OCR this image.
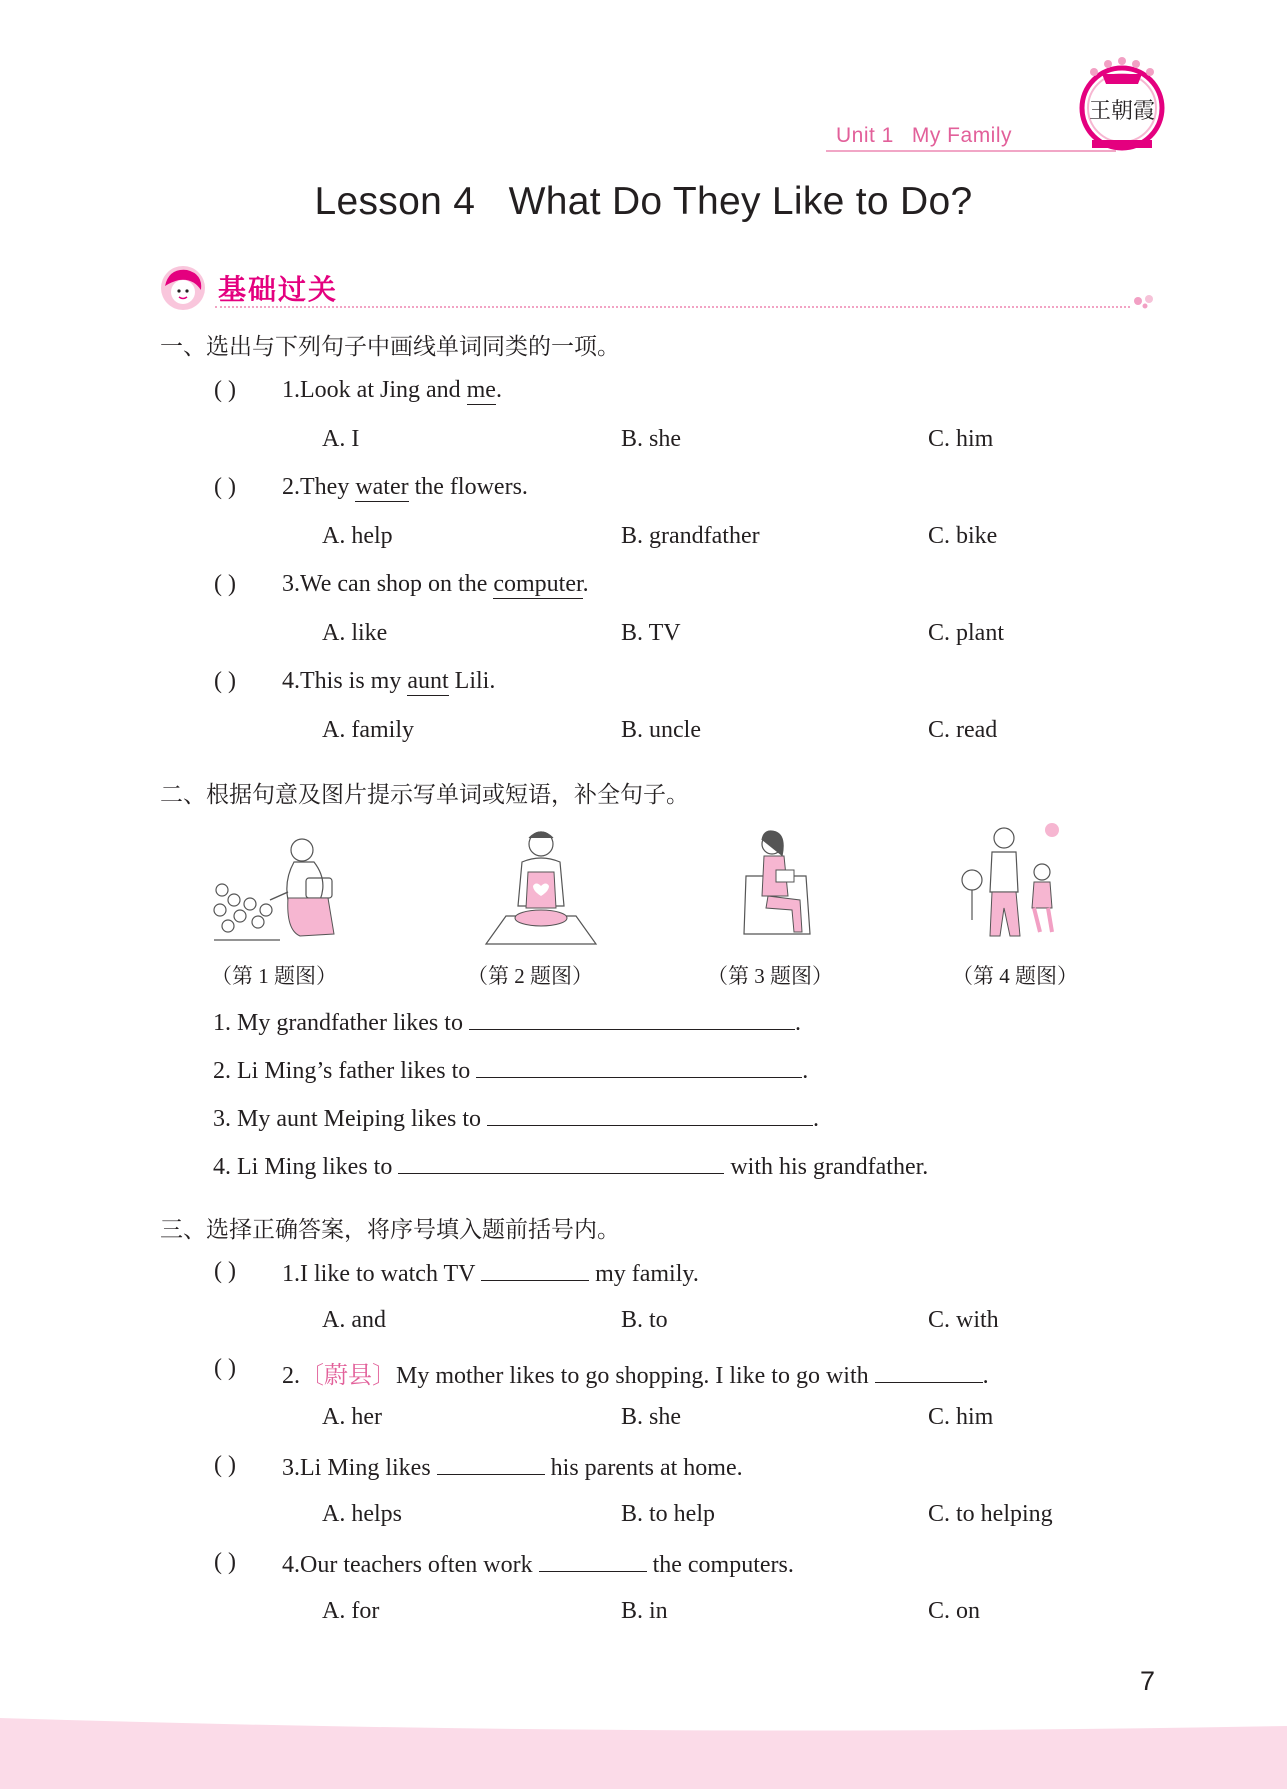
Unit 1 My Family
王朝霞
Lesson 4   What Do They Like to Do?
基础过关
一、选出与下列句子中画线单词同类的一项。
( ) 1.Look at Jing and me.
A. I	B. she	C. him
( ) 2.They water the flowers.
A. help	B. grandfather	C. bike
( ) 3.We can shop on the computer.
A. like	B. TV	C. plant
( ) 4.This is my aunt Lili.
A. family	B. uncle	C. read
二、根据句意及图片提示写单词或短语，补全句子。
（第 1 题图）	（第 2 题图）	（第 3 题图）	（第 4 题图）
1. My grandfather likes to	.
2. Li Ming’s father likes to	.
3. My aunt Meiping likes to	.
4. Li Ming likes to	with his grandfather.
三、选择正确答案，将序号填入题前括号内。
( ) 1.I like to watch TV	my family.
A. and	B. to	C. with
( ) 2.〔蔚县〕My mother likes to go shopping. I like to go with	.
A. her	B. she	C. him
( ) 3.Li Ming likes	his parents at home.
A. helps	B. to help	C. to helping
( ) 4.Our teachers often work	the computers.
A. for	B. in	C. on
7
